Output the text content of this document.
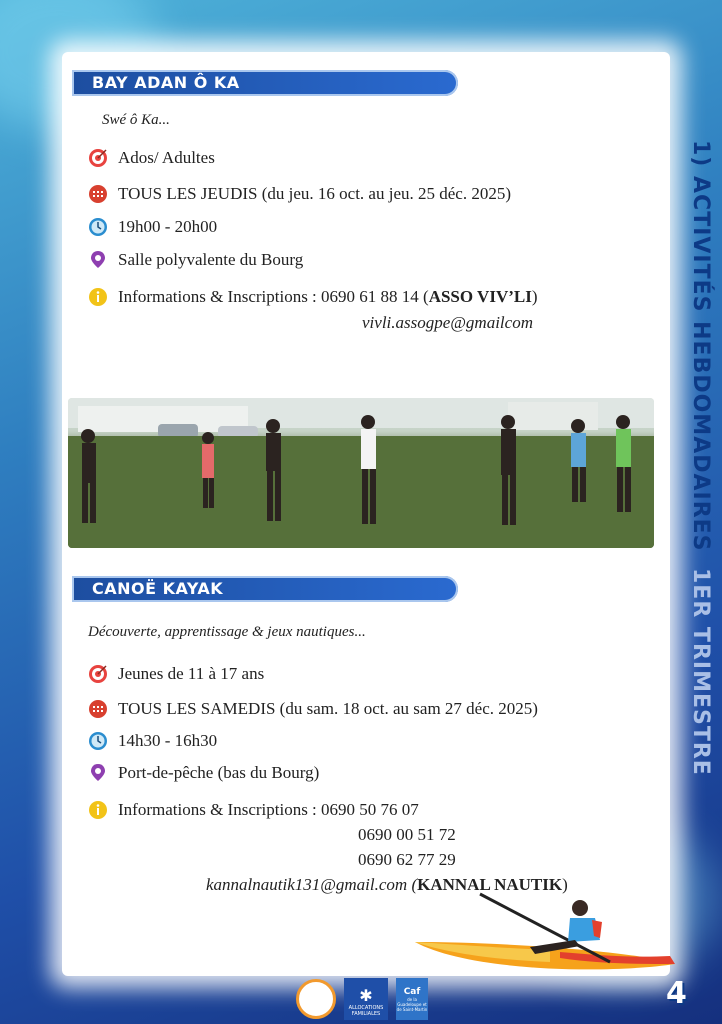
1) ACTIVITÉS HEBDOMADAIRES 1ER TRIMESTRE
BAY ADAN Ô KA
Swé ô Ka...
Ados/ Adultes
TOUS LES JEUDIS (du jeu. 16 oct. au jeu. 25 déc. 2025)
19h00 - 20h00
Salle polyvalente du Bourg
Informations & Inscriptions : 0690 61 88 14 (ASSO VIV’LI)
vivli.assogpe@gmailcom
CANOË KAYAK
Découverte, apprentissage & jeux nautiques...
Jeunes de 11 à 17 ans
TOUS LES SAMEDIS (du sam. 18 oct. au sam 27 déc. 2025)
14h30 - 16h30
Port-de-pêche (bas du Bourg)
Informations & Inscriptions : 0690 50 76 07
0690 00 51 72
0690 62 77 29
kannalnautik131@gmail.com (KANNAL NAUTIK)
✱
ALLOCATIONS FAMILIALES
Caf
de la Guadeloupe et de Saint-Martin	4
